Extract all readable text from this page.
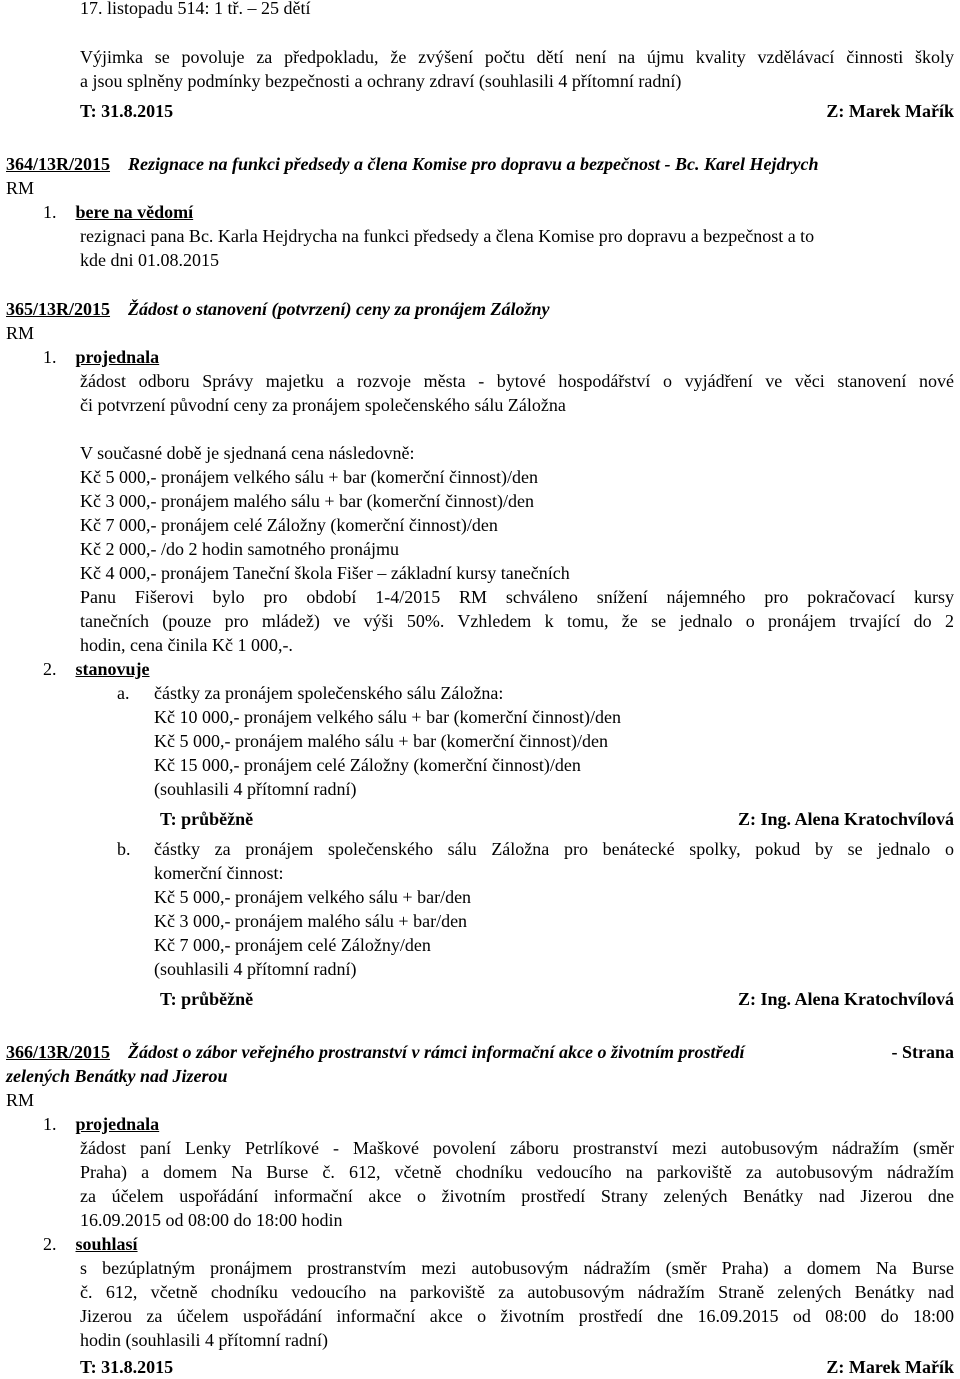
17. listopadu 514: 1 tř. – 25 dětí
Výjimka se povoluje za předpokladu, že zvýšení počtu dětí není na újmu kvality vzdělávací činnosti školy
a jsou splněny podmínky bezpečnosti a ochrany zdraví (souhlasili 4 přítomní radní)
T: 31.8.2015	Z: Marek Mařík
364/13R/2015 Rezignace na funkci předsedy a člena Komise pro dopravu a bezpečnost - Bc. Karel Hejdrych
RM
1. bere na vědomí
rezignaci pana Bc. Karla Hejdrycha na funkci předsedy a člena Komise pro dopravu a bezpečnost a to
kde dni 01.08.2015
365/13R/2015 Žádost o stanovení (potvrzení) ceny za pronájem Záložny
RM
1. projednala
žádost odboru Správy majetku a rozvoje města - bytové hospodářství o vyjádření ve věci stanovení nové
či potvrzení původní ceny za pronájem společenského sálu Záložna
V současné době je sjednaná cena následovně:
Kč 5 000,- pronájem velkého sálu + bar (komerční činnost)/den
Kč 3 000,- pronájem malého sálu + bar (komerční činnost)/den
Kč 7 000,- pronájem celé Záložny (komerční činnost)/den
Kč 2 000,- /do 2 hodin samotného pronájmu
Kč 4 000,- pronájem Taneční škola Fišer – základní kursy tanečních
Panu Fišerovi bylo pro období 1-4/2015 RM schváleno snížení nájemného pro pokračovací kursy
tanečních (pouze pro mládež) ve výši 50%. Vzhledem k tomu, že se jednalo o pronájem trvající do 2
hodin, cena činila Kč 1 000,-.
2. stanovuje
a.	částky za pronájem společenského sálu Záložna:
Kč 10 000,- pronájem velkého sálu + bar (komerční činnost)/den
Kč 5 000,- pronájem malého sálu + bar (komerční činnost)/den
Kč 15 000,- pronájem celé Záložny (komerční činnost)/den
(souhlasili 4 přítomní radní)
T: průběžně	Z: Ing. Alena Kratochvílová
b.	částky za pronájem společenského sálu Záložna pro benátecké spolky, pokud by se jednalo o
komerční činnost:
Kč 5 000,- pronájem velkého sálu + bar/den
Kč 3 000,- pronájem malého sálu + bar/den
Kč 7 000,- pronájem celé Záložny/den
(souhlasili 4 přítomní radní)
T: průběžně	Z: Ing. Alena Kratochvílová
366/13R/2015 Žádost o zábor veřejného prostranství v rámci informační akce o životním prostředí	- Strana
zelených Benátky nad Jizerou
RM
1. projednala
žádost paní Lenky Petrlíkové - Maškové povolení záboru prostranství mezi autobusovým nádražím (směr
Praha) a domem Na Burse č. 612, včetně chodníku vedoucího na parkoviště za autobusovým nádražím
za účelem uspořádání informační akce o životním prostředí Strany zelených Benátky nad Jizerou dne
16.09.2015 od 08:00 do 18:00 hodin
2. souhlasí
s bezúplatným pronájmem prostranstvím mezi autobusovým nádražím (směr Praha) a domem Na Burse
č. 612, včetně chodníku vedoucího na parkoviště za autobusovým nádražím Straně zelených Benátky nad
Jizerou za účelem uspořádání informační akce o životním prostředí dne 16.09.2015 od 08:00 do 18:00
hodin (souhlasili 4 přítomní radní)
T: 31.8.2015	Z: Marek Mařík
